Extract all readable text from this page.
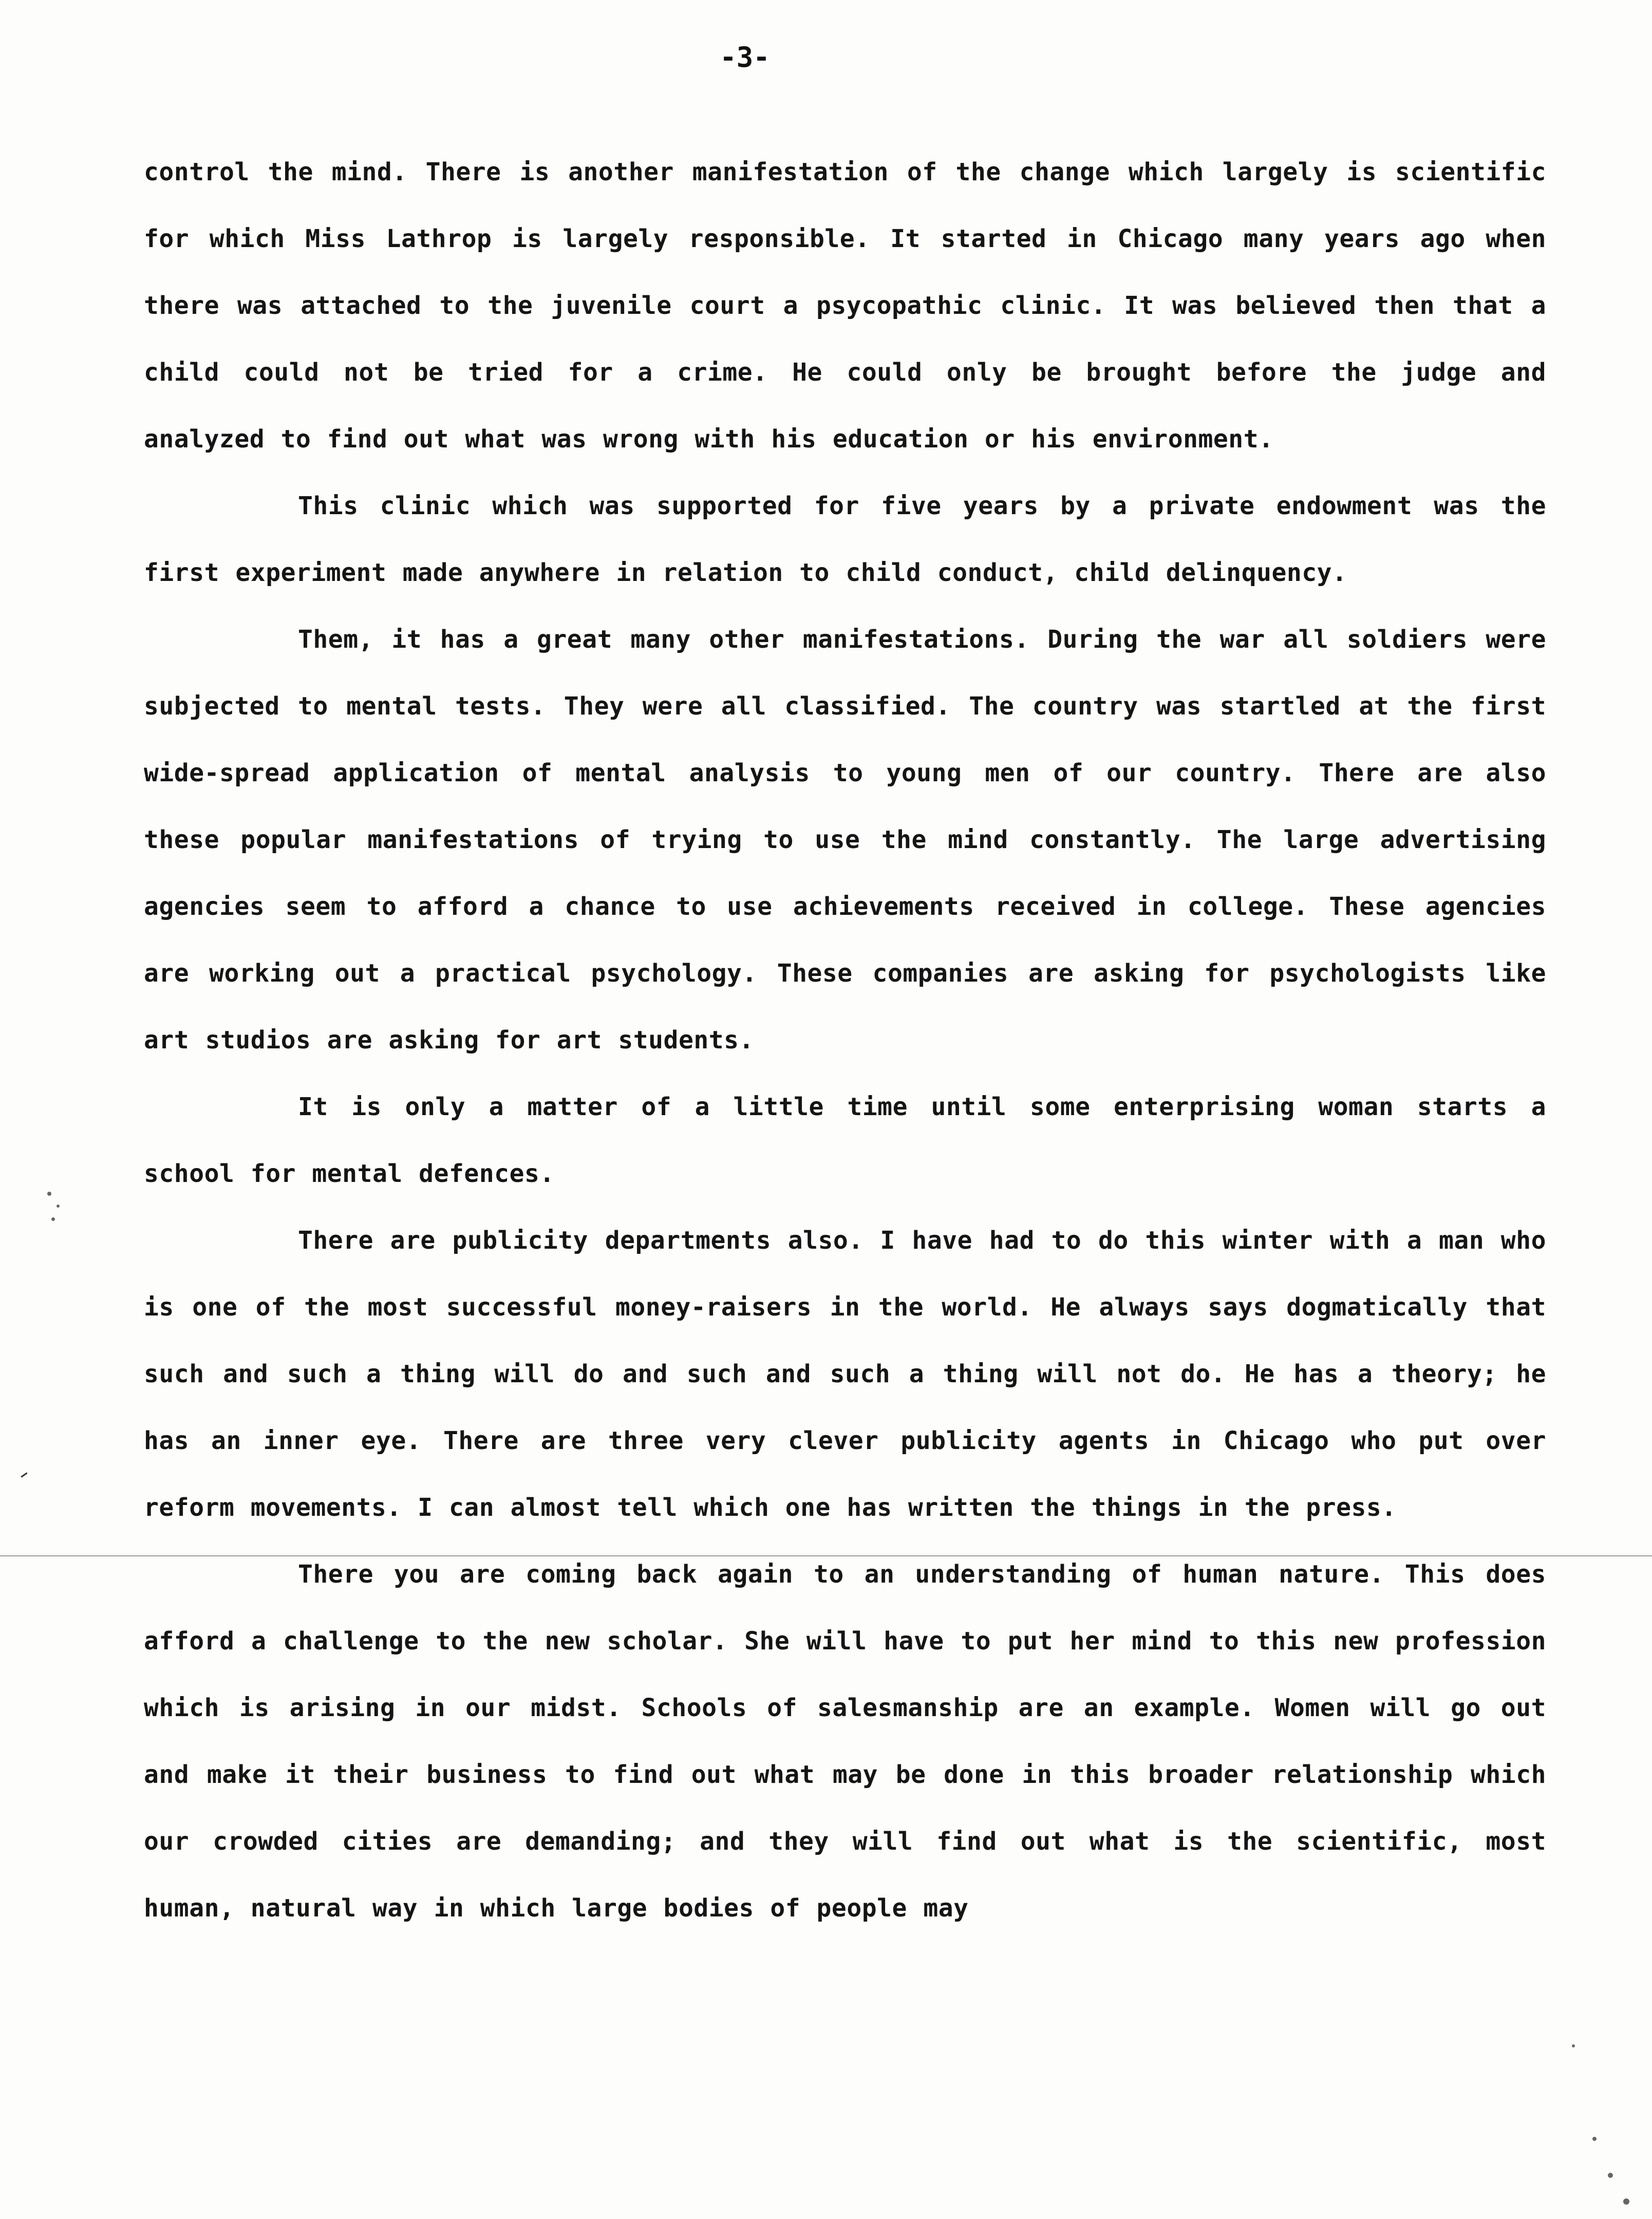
-3-

control the mind. There is another manifestation of the change which largely is scientific for which Miss Lathrop is largely responsible. It started in Chicago many years ago when there was attached to the juvenile court a psycopathic clinic. It was believed then that a child could not be tried for a crime. He could only be brought before the judge and analyzed to find out what was wrong with his education or his environment.

This clinic which was supported for five years by a private endowment was the first experiment made anywhere in relation to child conduct, child delinquency.

Them, it has a great many other manifestations. During the war all soldiers were subjected to mental tests. They were all classified. The country was startled at the first wide-spread application of mental analysis to young men of our country. There are also these popular manifestations of trying to use the mind constantly. The large advertising agencies seem to afford a chance to use achievements received in college. These agencies are working out a practical psychology. These companies are asking for psychologists like art studios are asking for art students.

It is only a matter of a little time until some enterprising woman starts a school for mental defences.

There are publicity departments also. I have had to do this winter with a man who is one of the most successful money-raisers in the world. He always says dogmatically that such and such a thing will do and such and such a thing will not do. He has a theory; he has an inner eye. There are three very clever publicity agents in Chicago who put over reform movements. I can almost tell which one has written the things in the press.

There you are coming back again to an understanding of human nature. This does afford a challenge to the new scholar. She will have to put her mind to this new profession which is arising in our midst. Schools of salesmanship are an example. Women will go out and make it their business to find out what may be done in this broader relationship which our crowded cities are demanding; and they will find out what is the scientific, most human, natural way in which large bodies of people may
